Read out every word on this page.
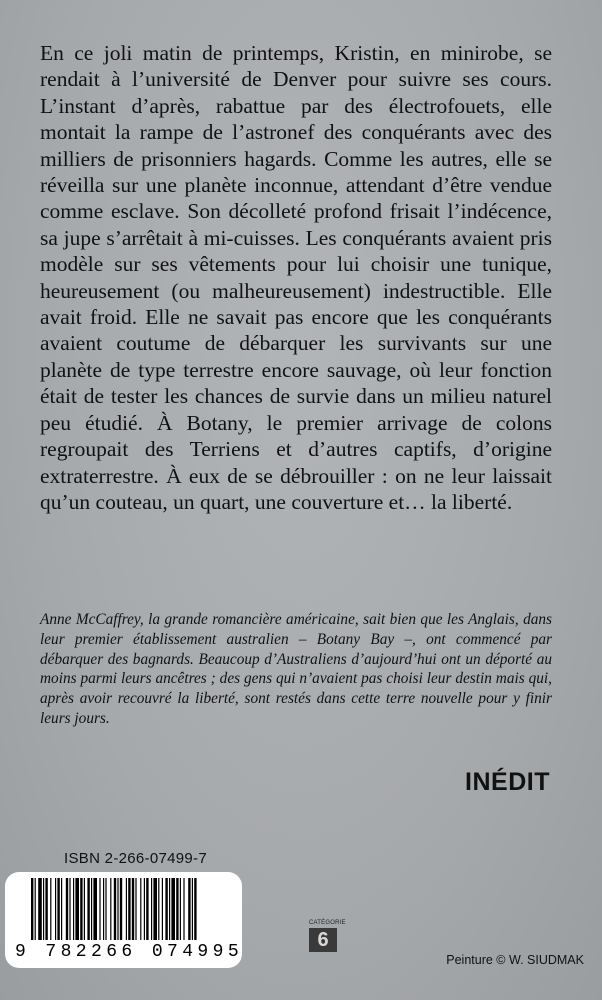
En ce joli matin de printemps, Kristin, en minirobe, se rendait à l’université de Denver pour suivre ses cours. L’instant d’après, rabattue par des électrofouets, elle montait la rampe de l’astronef des conquérants avec des milliers de prisonniers hagards. Comme les autres, elle se réveilla sur une planète inconnue, attendant d’être vendue comme esclave. Son décolleté profond frisait l’indécence, sa jupe s’arrêtait à mi-cuisses. Les conquérants avaient pris modèle sur ses vêtements pour lui choisir une tunique, heureusement (ou malheureusement) indestructible. Elle avait froid. Elle ne savait pas encore que les conquérants avaient coutume de débarquer les survivants sur une planète de type terrestre encore sauvage, où leur fonction était de tester les chances de survie dans un milieu naturel peu étudié. À Botany, le premier arrivage de colons regroupait des Terriens et d’autres captifs, d’origine extraterrestre. À eux de se débrouiller : on ne leur laissait qu’un couteau, un quart, une couverture et… la liberté.

Anne McCaffrey, la grande romancière américaine, sait bien que les Anglais, dans leur premier établissement australien – Botany Bay –, ont commencé par débarquer des bagnards. Beaucoup d’Australiens d’aujourd’hui ont un déporté au moins parmi leurs ancêtres ; des gens qui n’avaient pas choisi leur destin mais qui, après avoir recouvré la liberté, sont restés dans cette terre nouvelle pour y finir leurs jours.

INÉDIT

ISBN 2-266-07499-7
9 782266 074995
CATÉGORIE
6
Peinture © W. SIUDMAK
